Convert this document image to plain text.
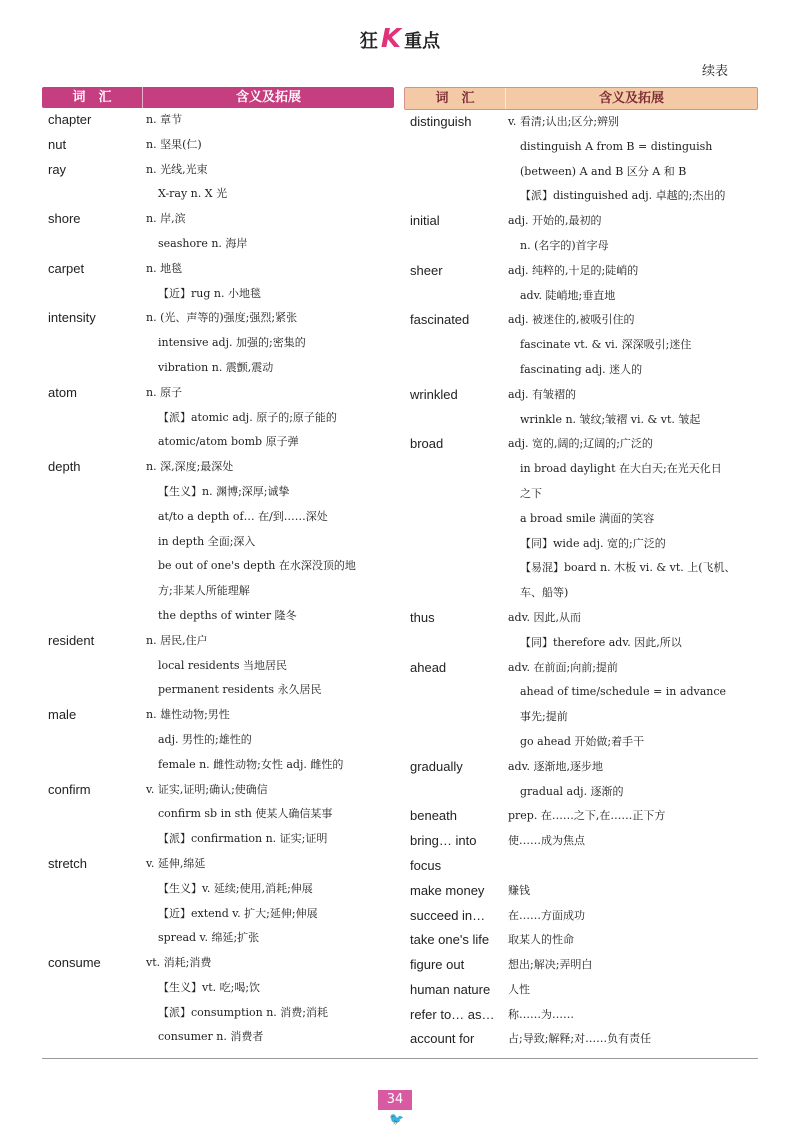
狂 K 重点
续表
词　汇	含义及拓展
chapter	n. 章节
nut	n. 坚果(仁)
ray	n. 光线,光束
X-ray n. X 光
shore	n. 岸,滨
seashore n. 海岸
carpet	n. 地毯
【近】rug n. 小地毯
intensity	n. (光、声等的)强度;强烈;紧张
intensive adj. 加强的;密集的
vibration n. 震颤,震动
atom	n. 原子
【派】atomic adj. 原子的;原子能的
atomic/atom bomb 原子弹
depth	n. 深,深度;最深处
【生义】n. 渊博;深厚;诚挚
at/to a depth of… 在/到……深处
in depth 全面;深入
be out of one's depth 在水深没顶的地
方;非某人所能理解
the depths of winter 隆冬
resident	n. 居民,住户
local residents 当地居民
permanent residents 永久居民
male	n. 雄性动物;男性
adj. 男性的;雄性的
female n. 雌性动物;女性 adj. 雌性的
confirm	v. 证实,证明;确认;使确信
confirm sb in sth 使某人确信某事
【派】confirmation n. 证实;证明
stretch	v. 延伸,绵延
【生义】v. 延续;使用,消耗;伸展
【近】extend v. 扩大;延伸;伸展
spread v. 绵延;扩张
consume	vt. 消耗;消费
【生义】vt. 吃;喝;饮
【派】consumption n. 消费;消耗
consumer n. 消费者
词　汇	含义及拓展
distinguish	v. 看清;认出;区分;辨别
distinguish A from B = distinguish
(between) A and B 区分 A 和 B
【派】distinguished adj. 卓越的;杰出的
initial	adj. 开始的,最初的
n. (名字的)首字母
sheer	adj. 纯粹的,十足的;陡峭的
adv. 陡峭地;垂直地
fascinated	adj. 被迷住的,被吸引住的
fascinate vt. & vi. 深深吸引;迷住
fascinating adj. 迷人的
wrinkled	adj. 有皱褶的
wrinkle n. 皱纹;皱褶 vi. & vt. 皱起
broad	adj. 宽的,阔的;辽阔的;广泛的
in broad daylight 在大白天;在光天化日
之下
a broad smile 满面的笑容
【同】wide adj. 宽的;广泛的
【易混】board n. 木板 vi. & vt. 上(飞机、
车、船等)
thus	adv. 因此,从而
【同】therefore adv. 因此,所以
ahead	adv. 在前面;向前;提前
ahead of time/schedule = in advance
事先;提前
go ahead 开始做;着手干
gradually	adv. 逐渐地,逐步地
gradual adj. 逐渐的
beneath	prep. 在……之下,在……正下方
bring… into	使……成为焦点
focus
make money	赚钱
succeed in…	在……方面成功
take one's life	取某人的性命
figure out	想出;解决;弄明白
human nature	人性
refer to… as…	称……为……
account for	占;导致;解释;对……负有责任
34
🐦
